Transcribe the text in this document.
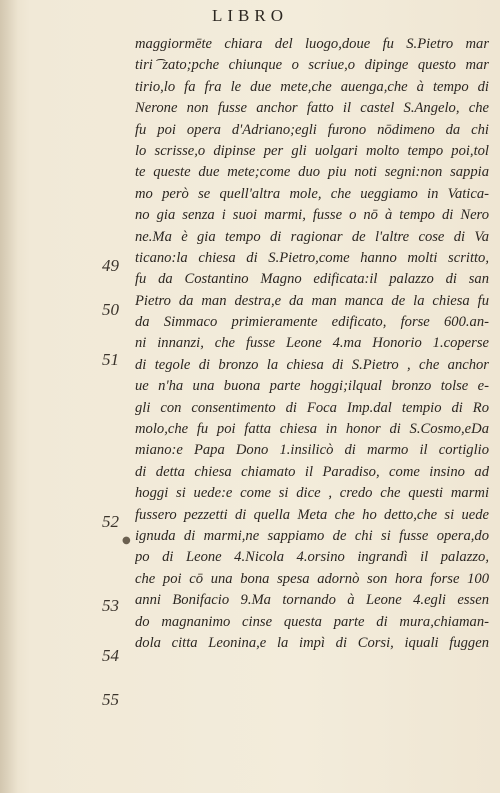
LIBRO
49
50
51
52
53
54
55
maggiormēte chiara del luogo,doue fu S.Pietro mar
tiri ͡zato;pche chiunque o scriue,o dipinge questo mar
tirio,lo fa fra le due mete,che auenga,che à tempo di
Nerone non fusse anchor fatto il castel S.Angelo, che
fu poi opera d'Adriano;egli furono nōdimeno da chi
lo scrisse,o dipinse per gli uolgari molto tempo poi,tol
te queste due mete;come duo piu noti segni:non sappia
mo però se quell'altra mole, che ueggiamo in Vatica-
no gia senza i suoi marmi, fusse o nō à tempo di Nero
ne.Ma è gia tempo di ragionar de l'altre cose di Va
ticano:la chiesa di S.Pietro,come hanno molti scritto,
fu da Costantino Magno edificata:il palazzo di san
Pietro da man destra,e da man manca de la chiesa fu
da Simmaco primieramente edificato, forse 600.an-
ni innanzi, che fusse Leone 4.ma Honorio 1.coperse
di tegole di bronzo la chiesa di S.Pietro , che anchor
ue n'ha una buona parte hoggi;ilqual bronzo tolse e-
gli con consentimento di Foca Imp.dal tempio di Ro
molo,che fu poi fatta chiesa in honor di S.Cosmo,eDa
miano:e Papa Dono 1.insilicò di marmo il cortiglio
di detta chiesa chiamato il Paradiso, come insino ad
hoggi si uede:e come si dice , credo che questi marmi
fussero pezzetti di quella Meta che ho detto,che si uede
ignuda di marmi,ne sappiamo de chi si fusse opera,do
po di Leone 4.Nicola 4.orsino ingrandì il palazzo,
che poi cō una bona spesa adornò son hora forse 100
anni Bonifacio 9.Ma tornando à Leone 4.egli essen
do magnanimo cinse questa parte di mura,chiaman-
dola citta Leonina,e la impì di Corsi, iquali fuggen
●
